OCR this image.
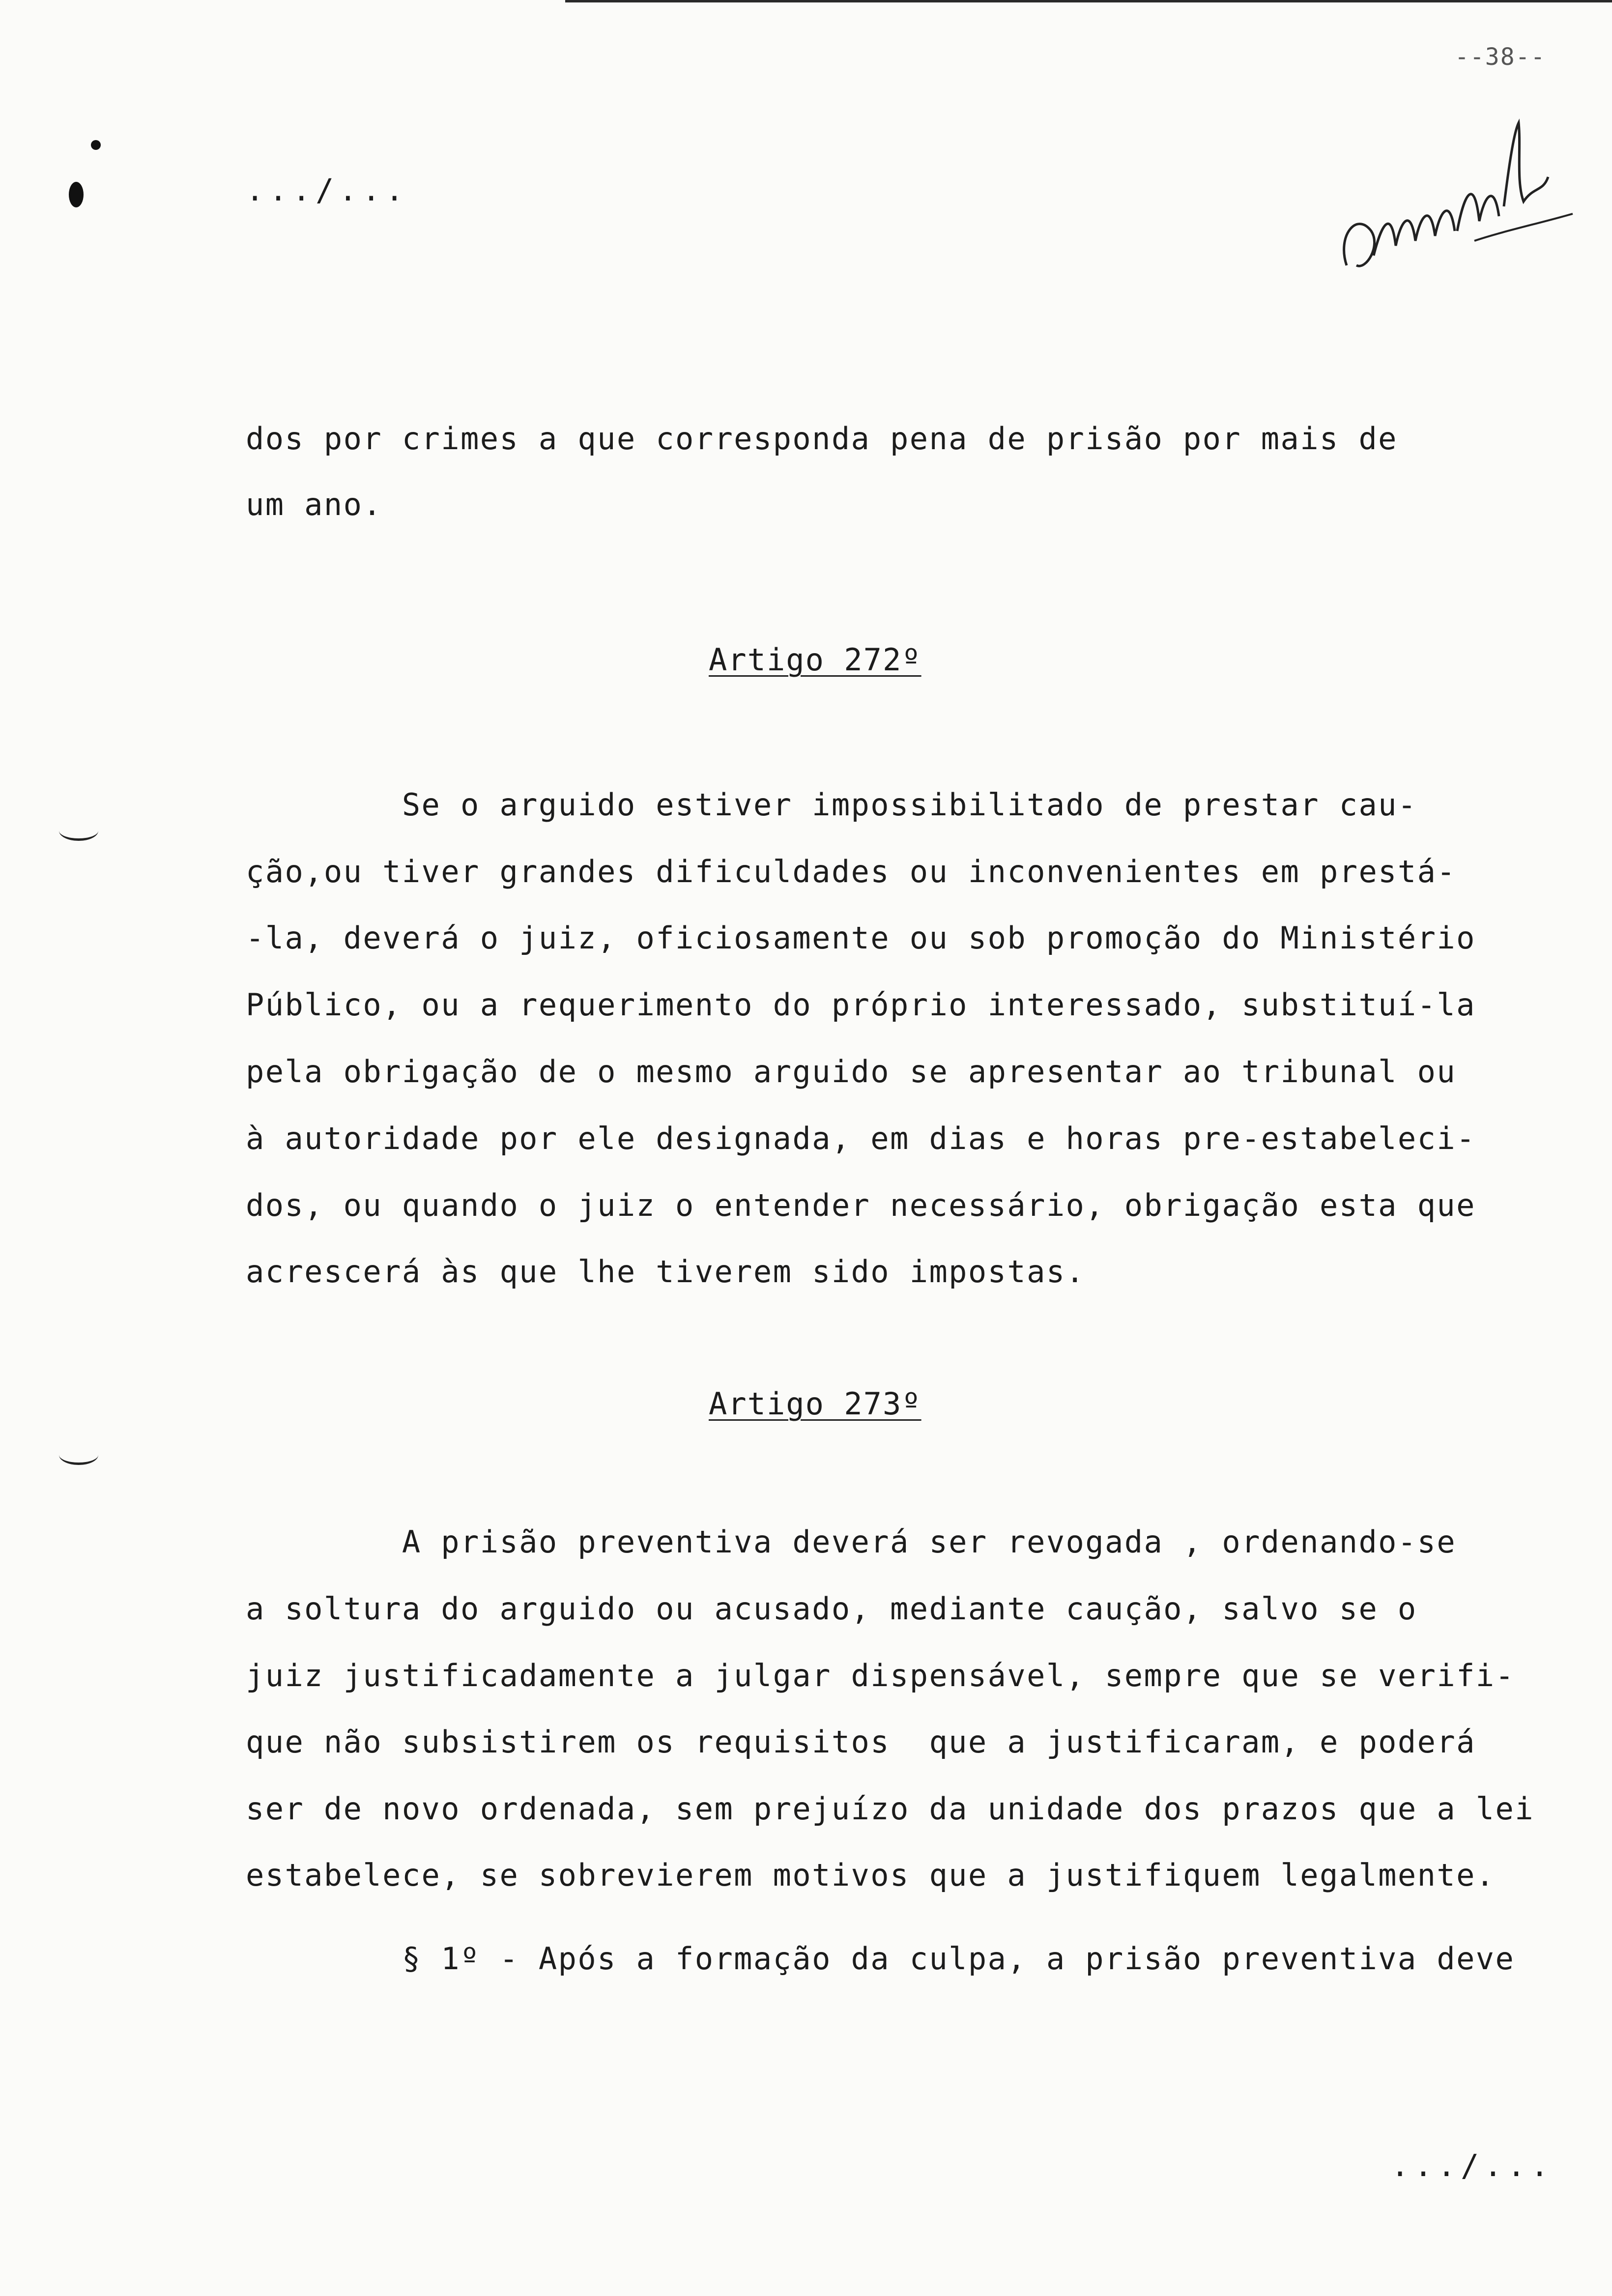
--38--
.../...
dos por crimes a que corresponda pena de prisão por mais de
um ano.
Artigo 272º
Se o arguido estiver impossibilitado de prestar cau-
ção,ou tiver grandes dificuldades ou inconvenientes em prestá-
-la, deverá o juiz, oficiosamente ou sob promoção do Ministério
Público, ou a requerimento do próprio interessado, substituí-la
pela obrigação de o mesmo arguido se apresentar ao tribunal ou
à autoridade por ele designada, em dias e horas pre-estabeleci-
dos, ou quando o juiz o entender necessário, obrigação esta que
acrescerá às que lhe tiverem sido impostas.
Artigo 273º
A prisão preventiva deverá ser revogada , ordenando-se
a soltura do arguido ou acusado, mediante caução, salvo se o
juiz justificadamente a julgar dispensável, sempre que se verifi-
que não subsistirem os requisitos  que a justificaram, e poderá
ser de novo ordenada, sem prejuízo da unidade dos prazos que a lei
estabelece, se sobrevierem motivos que a justifiquem legalmente.
§ 1º - Após a formação da culpa, a prisão preventiva deve
.../...
